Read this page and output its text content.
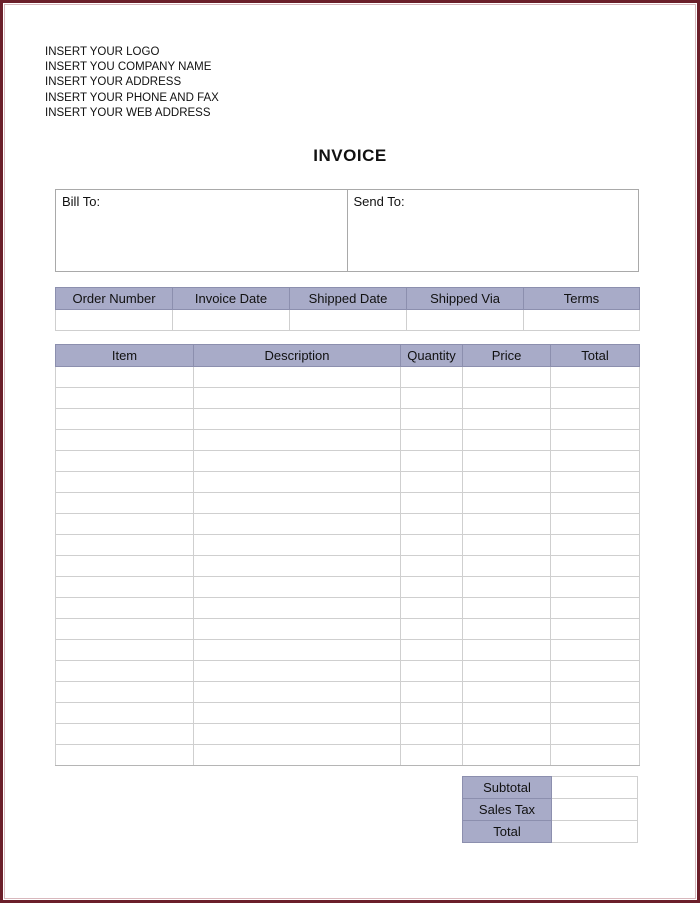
INSERT YOUR LOGO
INSERT YOU COMPANY NAME
INSERT YOUR ADDRESS
INSERT YOUR PHONE AND FAX
INSERT YOUR WEB ADDRESS
INVOICE
Bill To:	Send To:
Order Number	Invoice Date	Shipped Date	Shipped Via	Terms

Item	Description	Quantity	Price	Total

Subtotal	
Sales Tax	
Total	
